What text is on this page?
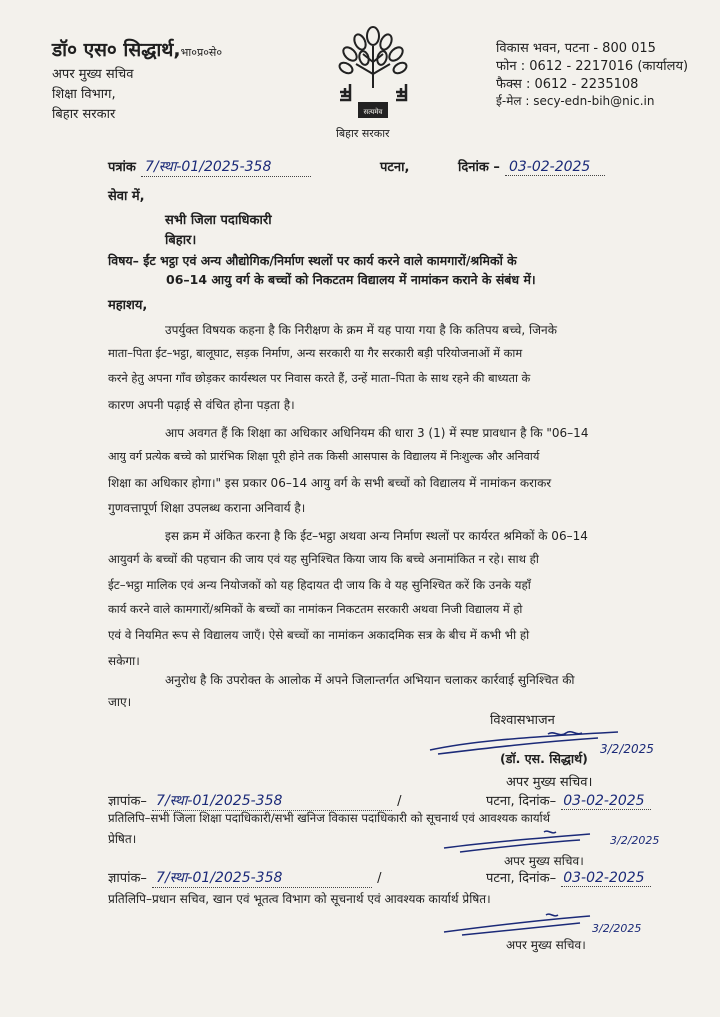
डॉ० एस० सिद्धार्थ,भा०प्र०से०
अपर मुख्य सचिव
शिक्षा विभाग,
बिहार सरकार	सत्यमेव
बिहार सरकार
विकास भवन, पटना - 800 015
फोन : 0612 - 2217016 (कार्यालय)
फैक्स : 0612 - 2235108
ई-मेल : secy-edn-bih@nic.in
पत्रांक 7/स्था-01/2025-358	पटना,	दिनांक – 03-02-2025
सेवा में,
सभी जिला पदाधिकारी
बिहार।
विषय– ईंट भट्ठा एवं अन्य औद्योगिक/निर्माण स्थलों पर कार्य करने वाले कामगारों/श्रमिकों के
06–14 आयु वर्ग के बच्चों को निकटतम विद्यालय में नामांकन कराने के संबंध में।
महाशय,
उपर्युक्त विषयक कहना है कि निरीक्षण के क्रम में यह पाया गया है कि कतिपय बच्चे, जिनके
माता–पिता ईट–भट्ठा, बालूघाट, सड़क निर्माण, अन्य सरकारी या गैर सरकारी बड़ी परियोजनाओं में काम
करने हेतु अपना गाँव छोड़कर कार्यस्थल पर निवास करते हैं, उन्हें माता–पिता के साथ रहने की बाध्यता के
कारण अपनी पढ़ाई से वंचित होना पड़ता है।
आप अवगत हैं कि शिक्षा का अधिकार अधिनियम की धारा 3 (1) में स्पष्ट प्रावधान है कि "06–14
आयु वर्ग प्रत्येक बच्चे को प्रारंभिक शिक्षा पूरी होने तक किसी आसपास के विद्यालय में निःशुल्क और अनिवार्य
शिक्षा का अधिकार होगा।" इस प्रकार 06–14 आयु वर्ग के सभी बच्चों को विद्यालय में नामांकन कराकर
गुणवत्तापूर्ण शिक्षा उपलब्ध कराना अनिवार्य है।
इस क्रम में अंकित करना है कि ईट–भट्ठा अथवा अन्य निर्माण स्थलों पर कार्यरत श्रमिकों के 06–14
आयुवर्ग के बच्चों की पहचान की जाय एवं यह सुनिश्चित किया जाय कि बच्चे अनामांकित न रहे। साथ ही
ईट–भट्ठा मालिक एवं अन्य नियोजकों को यह हिदायत दी जाय कि वे यह सुनिश्चित करें कि उनके यहाँ
कार्य करने वाले कामगारों/श्रमिकों के बच्चों का नामांकन निकटतम सरकारी अथवा निजी विद्यालय में हो
एवं वे नियमित रूप से विद्यालय जाएँ। ऐसे बच्चों का नामांकन अकादमिक सत्र के बीच में कभी भी हो
सकेगा।
अनुरोध है कि उपरोक्त के आलोक में अपने जिलान्तर्गत अभियान चलाकर कार्रवाई सुनिश्चित की
जाए।
विश्वासभाजन
(डॉ. एस. सिद्धार्थ)
3/2/2025
अपर मुख्य सचिव।
ज्ञापांक– 7/स्था-01/2025-358	/	पटना, दिनांक– 03-02-2025
प्रतिलिपि–सभी जिला शिक्षा पदाधिकारी/सभी खनिज विकास पदाधिकारी को सूचनार्थ एवं आवश्यक कार्यार्थ
प्रेषित।	3/2/2025
अपर मुख्य सचिव।
ज्ञापांक– 7/स्था-01/2025-358	/	पटना, दिनांक– 03-02-2025
प्रतिलिपि–प्रधान सचिव, खान एवं भूतत्व विभाग को सूचनार्थ एवं आवश्यक कार्यार्थ प्रेषित।
3/2/2025
अपर मुख्य सचिव।
